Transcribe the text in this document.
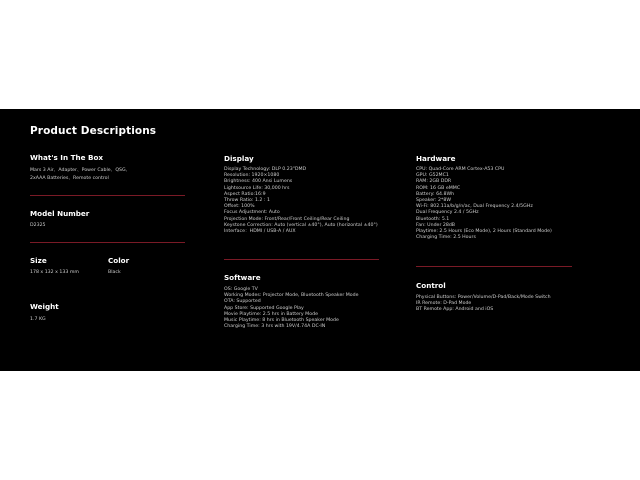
Product Descriptions
What's In The Box
Mars 3 Air、Adapter、Power Cable、QSG、
2xAAA Batteries、Remote control
Model Number
D2325
Size
178 x 132 x 133 mm
Color
Black
Weight
1.7 KG
Display
Display Technology: DLP 0.23"DMD
Resolution: 1920×1080
Brightness: 400 Ansi Lumens
Lightsource Life: 30,000 hrs
Aspect Ratio:16:9
Throw Ratio: 1.2 : 1
Offset: 100%
Focus Adjustment: Auto
Projection Mode: Front/Rear/Front Ceiling/Rear Ceiling
Keystone Correction: Auto (vertical ±40°), Auto (horizontal ±40°)
Interface：HDMI / USB-A / AUX
Software
OS: Google TV
Working Modes: Projector Mode, Bluetooth Speaker Mode
OTA: Supported
App Store: Supported Google Play
Movie Playtime: 2.5 hrs in Battery Mode
Music Playtime: 8 hrs in Bluetooth Speaker Mode
Charging Time: 3 hrs with 19V/4.74A DC-IN
Hardware
CPU: Quad-Core ARM Cortex-A53 CPU
GPU: G52MC1
RAM: 2GB DDR
ROM: 16 GB eMMC
Battery: 64.8Wh
Speaker: 2*8W
Wi-Fi: 802.11a/b/g/n/ac, Dual Frequency 2.4/5GHz
Dual Frequency 2.4 / 5GHz
Bluetooth: 5.1
Fan: Under 28dB
Playtime: 2.5 Hours (Eco Mode), 2 Hours (Standard Mode)
Charging Time: 2.5 Hours
Control
Physical Buttons: Power/Volume/D-Pad/Back/Mode Switch
IR Remote: D-Pad Mode
BT Remote App: Android and iOS
